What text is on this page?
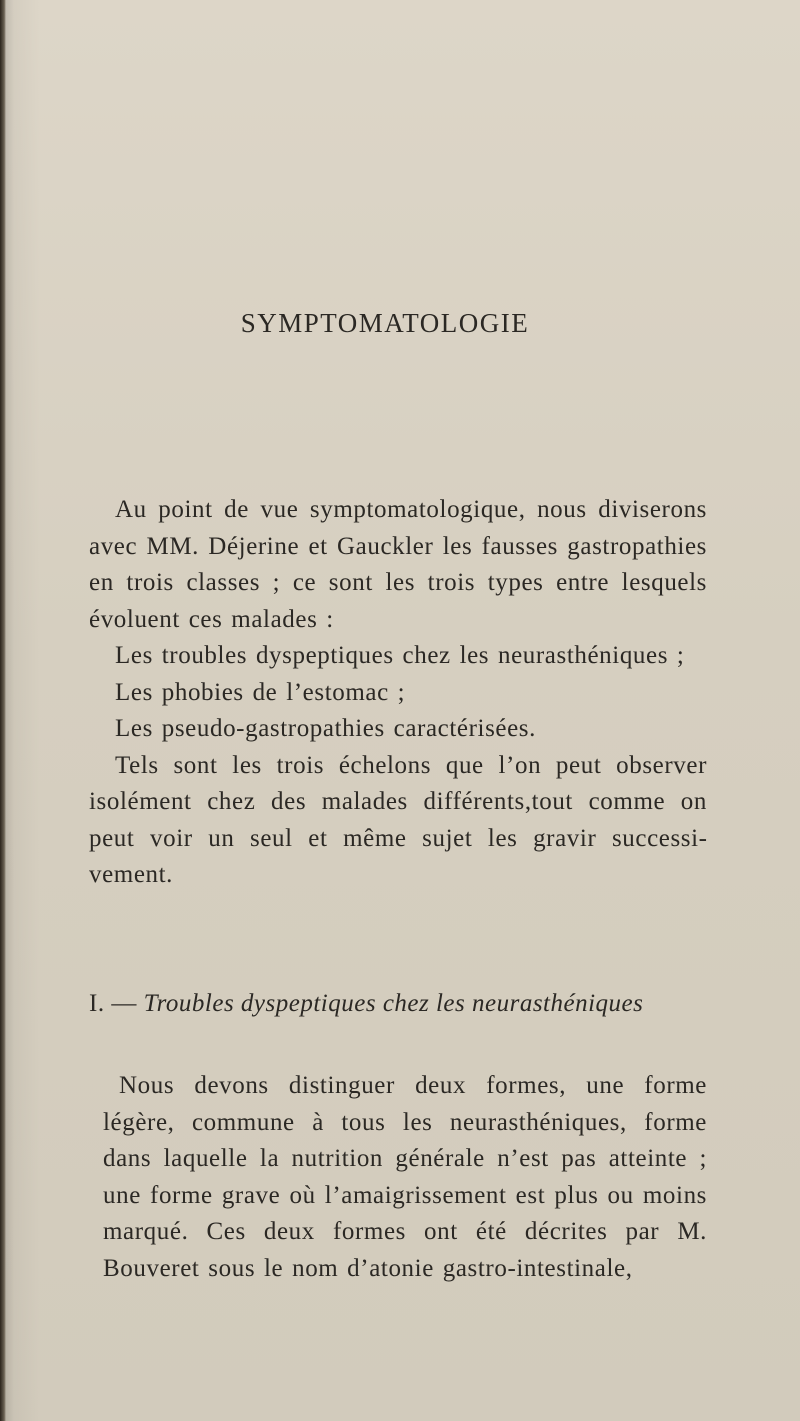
SYMPTOMATOLOGIE

Au point de vue symptomatologique, nous diviserons avec MM. Déjerine et Gauckler les fausses gastropathies en trois classes ; ce sont les trois types entre lesquels évoluent ces malades :

Les troubles dyspeptiques chez les neurasthéniques ;

Les phobies de l’estomac ;

Les pseudo-gastropathies caractérisées.

Tels sont les trois échelons que l’on peut observer isolément chez des malades différents,tout comme on peut voir un seul et même sujet les gravir successivement.

I. — Troubles dyspeptiques chez les neurasthéniques

Nous devons distinguer deux formes, une forme légère, commune à tous les neurasthéniques, forme dans laquelle la nutrition générale n’est pas atteinte ; une forme grave où l’amaigrissement est plus ou moins marqué. Ces deux formes ont été décrites par M. Bouveret sous le nom d’atonie gastro-intestinale,
